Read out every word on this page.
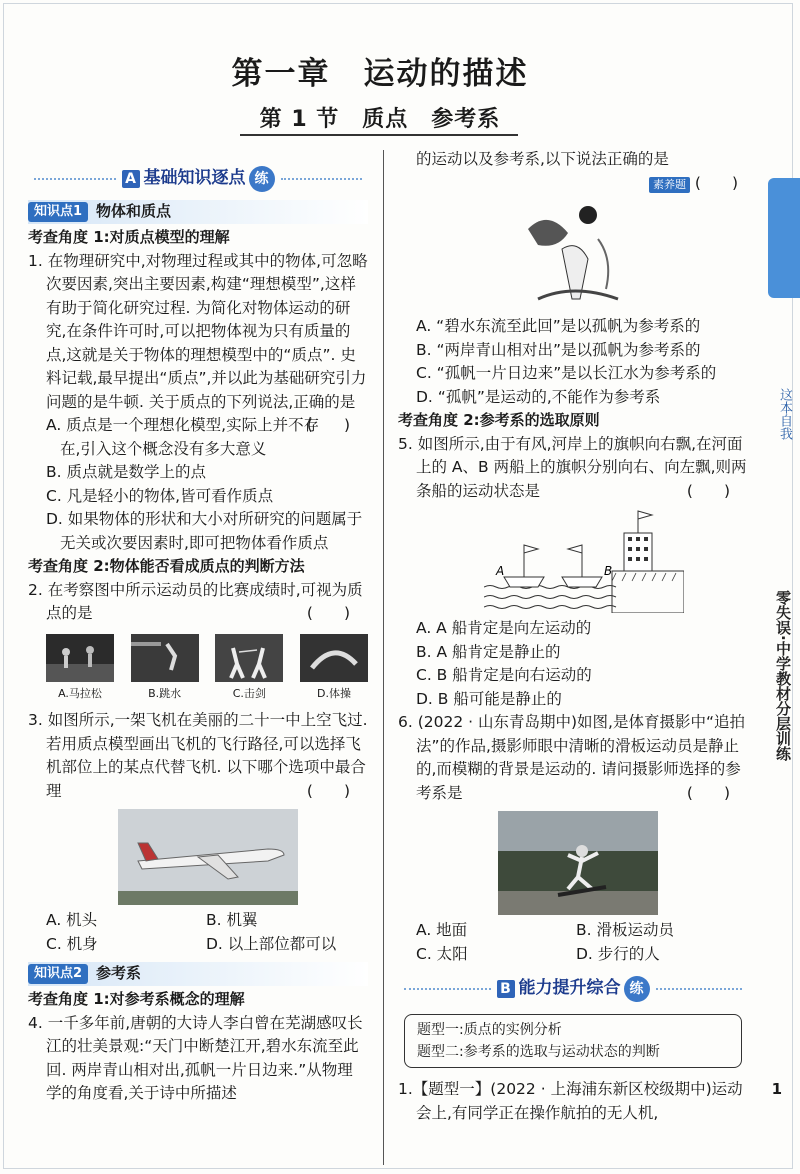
第一章　运动的描述
第 1 节　质点　参考系
A 基础知识逐点 练
知识点1 物体和质点
考查角度 1:对质点模型的理解
1. 在物理研究中,对物理过程或其中的物体,可忽略次要因素,突出主要因素,构建“理想模型”,这样有助于简化研究过程. 为简化对物体运动的研究,在条件许可时,可以把物体视为只有质量的点,这就是关于物体的理想模型中的“质点”. 史料记载,最早提出“质点”,并以此为基础研究引力问题的是牛顿. 关于质点的下列说法,正确的是
(　　)
A. 质点是一个理想化模型,实际上并不存在,引入这个概念没有多大意义
B. 质点就是数学上的点
C. 凡是轻小的物体,皆可看作质点
D. 如果物体的形状和大小对所研究的问题属于无关或次要因素时,即可把物体看作质点
考查角度 2:物体能否看成质点的判断方法
2. 在考察图中所示运动员的比赛成绩时,可视为质点的是	(　　)
A.马拉松	B.跳水	C.击剑	D.体操
3. 如图所示,一架飞机在美丽的二十一中上空飞过. 若用质点模型画出飞机的飞行路径,可以选择飞机部位上的某点代替飞机. 以下哪个选项中最合理	(　　)
A. 机头	B. 机翼
C. 机身	D. 以上部位都可以
知识点2 参考系
考查角度 1:对参考系概念的理解
4. 一千多年前,唐朝的大诗人李白曾在芜湖感叹长江的壮美景观:“天门中断楚江开,碧水东流至此回. 两岸青山相对出,孤帆一片日边来.”从物理学的角度看,关于诗中所描述
的运动以及参考系,以下说法正确的是
素养题 (　　)
A. “碧水东流至此回”是以孤帆为参考系的
B. “两岸青山相对出”是以孤帆为参考系的
C. “孤帆一片日边来”是以长江水为参考系的
D. “孤帆”是运动的,不能作为参考系
考查角度 2:参考系的选取原则
5. 如图所示,由于有风,河岸上的旗帜向右飘,在河面上的 A、B 两船上的旗帜分别向右、向左飘,则两条船的运动状态是	(　　)
A	B
A. A 船肯定是向左运动的
B. A 船肯定是静止的
C. B 船肯定是向右运动的
D. B 船可能是静止的
6. (2022 · 山东青岛期中)如图,是体育摄影中“追拍法”的作品,摄影师眼中清晰的滑板运动员是静止的,而模糊的背景是运动的. 请问摄影师选择的参考系是	(　　)
A. 地面	B. 滑板运动员
C. 太阳	D. 步行的人
B 能力提升综合 练
题型一:质点的实例分析
题型二:参考系的选取与运动状态的判断
1.【题型一】(2022 · 上海浦东新区校级期中)运动会上,有同学正在操作航拍的无人机,
这本自我
零失误·中学教材分层训练
1
